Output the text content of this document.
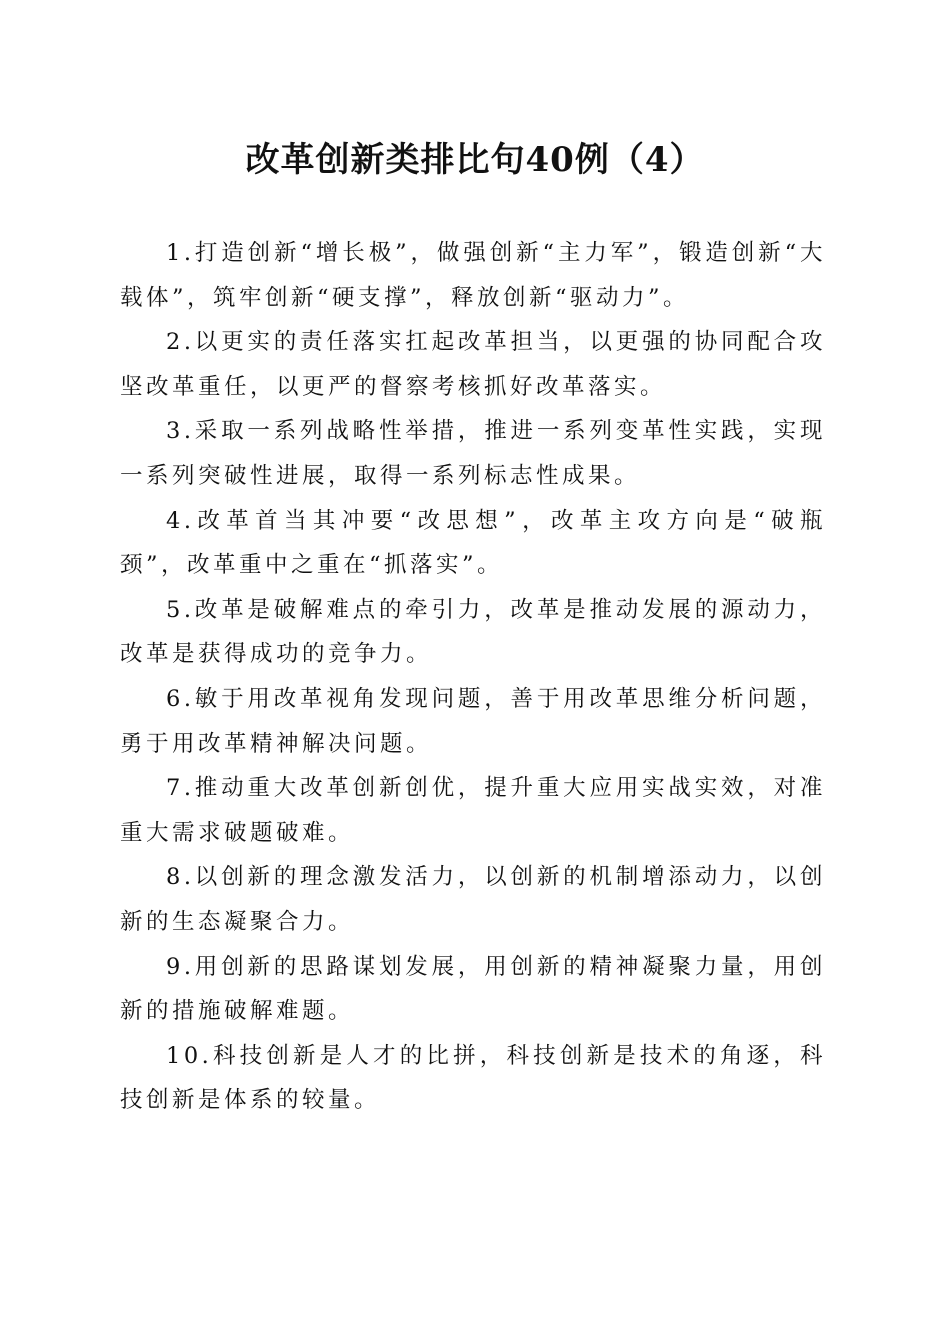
改革创新类排比句40例（4）

1.打造创新“增长极”，做强创新“主力军”，锻造创新“大载体”，筑牢创新“硬支撑”，释放创新“驱动力”。

2.以更实的责任落实扛起改革担当，以更强的协同配合攻坚改革重任，以更严的督察考核抓好改革落实。

3.采取一系列战略性举措，推进一系列变革性实践，实现一系列突破性进展，取得一系列标志性成果。

4.改革首当其冲要“改思想”，改革主攻方向是“破瓶颈”，改革重中之重在“抓落实”。

5.改革是破解难点的牵引力，改革是推动发展的源动力，改革是获得成功的竞争力。

6.敏于用改革视角发现问题，善于用改革思维分析问题，勇于用改革精神解决问题。

7.推动重大改革创新创优，提升重大应用实战实效，对准重大需求破题破难。

8.以创新的理念激发活力，以创新的机制增添动力，以创新的生态凝聚合力。

9.用创新的思路谋划发展，用创新的精神凝聚力量，用创新的措施破解难题。

10.科技创新是人才的比拼，科技创新是技术的角逐，科技创新是体系的较量。
